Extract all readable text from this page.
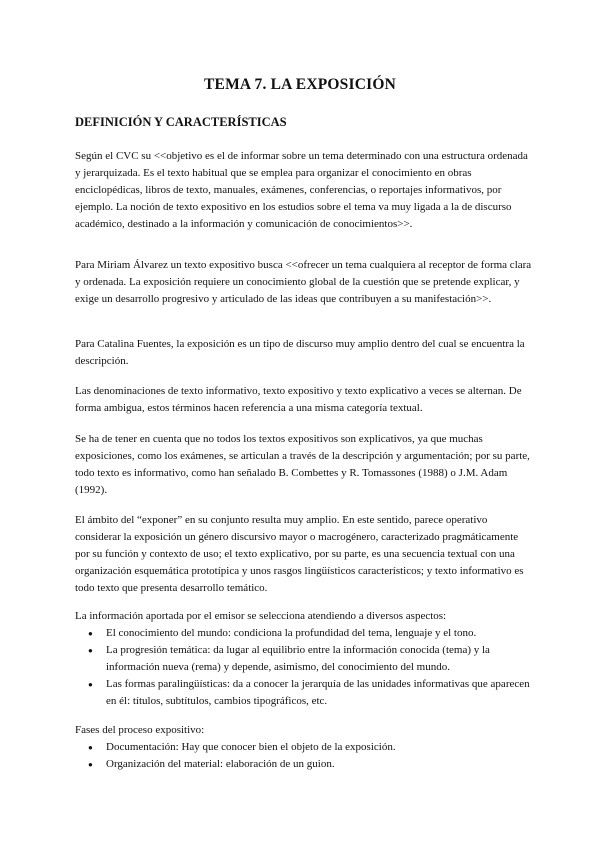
TEMA 7. LA EXPOSICIÓN
DEFINICIÓN Y CARACTERÍSTICAS

Según el CVC su <<objetivo es el de informar sobre un tema determinado con una estructura ordenada y jerarquizada. Es el texto habitual que se emplea para organizar el conocimiento en obras enciclopédicas, libros de texto, manuales, exámenes, conferencias, o reportajes informativos, por ejemplo. La noción de texto expositivo en los estudios sobre el tema va muy ligada a la de discurso académico, destinado a la información y comunicación de conocimientos>>.

Para Miriam Álvarez un texto expositivo busca <<ofrecer un tema cualquiera al receptor de forma clara y ordenada. La exposición requiere un conocimiento global de la cuestión que se pretende explicar, y exige un desarrollo progresivo y articulado de las ideas que contribuyen a su manifestación>>.

Para Catalina Fuentes, la exposición es un tipo de discurso muy amplio dentro del cual se encuentra la descripción.

Las denominaciones de texto informativo, texto expositivo y texto explicativo a veces se alternan. De forma ambigua, estos términos hacen referencia a una misma categoría textual.

Se ha de tener en cuenta que no todos los textos expositivos son explicativos, ya que muchas exposiciones, como los exámenes, se articulan a través de la descripción y argumentación; por su parte, todo texto es informativo, como han señalado B. Combettes y R. Tomassones (1988) o J.M. Adam (1992).

El ámbito del “exponer” en su conjunto resulta muy amplio. En este sentido, parece operativo considerar la exposición un género discursivo mayor o macrogénero, caracterizado pragmáticamente por su función y contexto de uso; el texto explicativo, por su parte, es una secuencia textual con una organización esquemática prototípica y unos rasgos lingüísticos característicos; y texto informativo es todo texto que presenta desarrollo temático.

La información aportada por el emisor se selecciona atendiendo a diversos aspectos:

● El conocimiento del mundo: condiciona la profundidad del tema, lenguaje y el tono.
● La progresión temática: da lugar al equilibrio entre la información conocida (tema) y la información nueva (rema) y depende, asimismo, del conocimiento del mundo.
● Las formas paralingüísticas: da a conocer la jerarquía de las unidades informativas que aparecen en él: títulos, subtítulos, cambios tipográficos, etc.

Fases del proceso expositivo:

● Documentación: Hay que conocer bien el objeto de la exposición.
● Organización del material: elaboración de un guion.
